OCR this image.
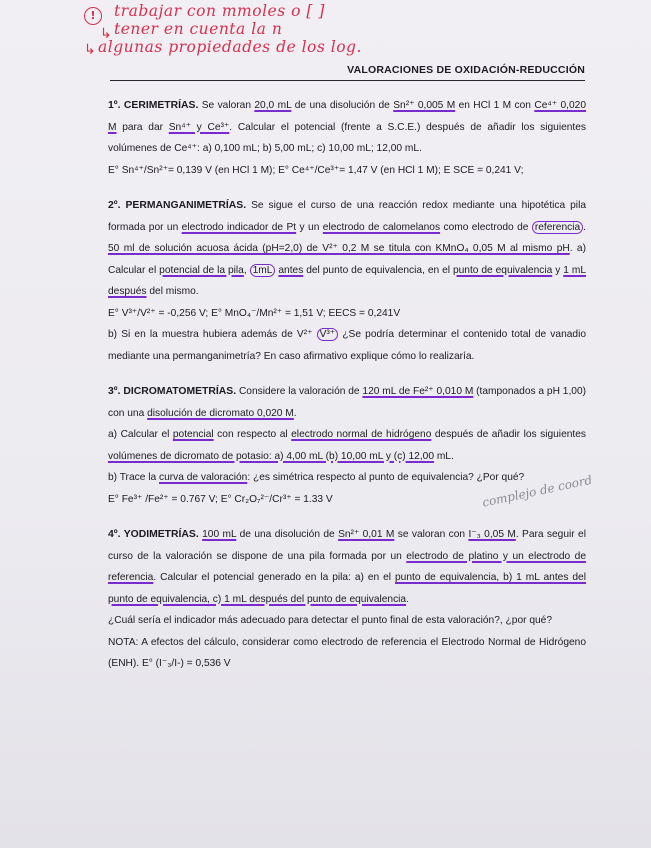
!
↳
↳
trabajar con mmoles o [ ]
tener en cuenta la n
algunas propiedades de los log.
VALORACIONES DE OXIDACIÓN-REDUCCIÓN
complejo de coord

1º. CERIMETRÍAS. Se valoran 20,0 mL de una disolución de Sn²⁺ 0,005 M en HCl 1 M con Ce⁴⁺ 0,020 M para dar Sn⁴⁺ y Ce³⁺. Calcular el potencial (frente a S.C.E.) después de añadir los siguientes volúmenes de Ce⁴⁺: a) 0,100 mL; b) 5,00 mL; c) 10,00 mL; 12,00 mL.

E° Sn⁴⁺/Sn²⁺= 0,139 V (en HCl 1 M); E° Ce⁴⁺/Ce³⁺= 1,47 V (en HCl 1 M); E SCE = 0,241 V;

2º. PERMANGANIMETRÍAS. Se sigue el curso de una reacción redox mediante una hipotética pila formada por un electrodo indicador de Pt y un electrodo de calomelanos como electrodo de referencia . 50 ml de solución acuosa ácida (pH=2,0) de V²⁺ 0,2 M se titula con KMnO₄ 0,05 M al mismo pH. a) Calcular el potencial de la pila, 1mL antes del punto de equivalencia, en el punto de equivalencia y 1 mL después del mismo.

E° V³⁺/V²⁺ = -0,256 V; E° MnO₄⁻/Mn²⁺ = 1,51 V; EECS = 0,241V

b) Si en la muestra hubiera además de V²⁺ V³⁺ ¿Se podría determinar el contenido total de vanadio mediante una permanganimetría? En caso afirmativo explique cómo lo realizaría.

3º. DICROMATOMETRÍAS. Considere la valoración de 120 mL de Fe²⁺ 0,010 M (tamponados a pH 1,00) con una disolución de dicromato 0,020 M.

a) Calcular el potencial con respecto al electrodo normal de hidrógeno después de añadir los siguientes volúmenes de dicromato de potasio: a) 4,00 mL (b) 10,00 mL y (c) 12,00 mL.

b) Trace la curva de valoración: ¿es simétrica respecto al punto de equivalencia? ¿Por qué?

E° Fe³⁺ /Fe²⁺ = 0.767 V; E° Cr₂O₇²⁻/Cr³⁺ = 1.33 V

4º. YODIMETRÍAS. 100 mL de una disolución de Sn²⁺ 0,01 M se valoran con I⁻₃ 0,05 M. Para seguir el curso de la valoración se dispone de una pila formada por un electrodo de platino y un electrodo de referencia. Calcular el potencial generado en la pila: a) en el punto de equivalencia, b) 1 mL antes del punto de equivalencia, c) 1 mL después del punto de equivalencia.

¿Cuál sería el indicador más adecuado para detectar el punto final de esta valoración?, ¿por qué?

NOTA: A efectos del cálculo, considerar como electrodo de referencia el Electrodo Normal de Hidrógeno (ENH). E° (I⁻₃/I-) = 0,536 V
